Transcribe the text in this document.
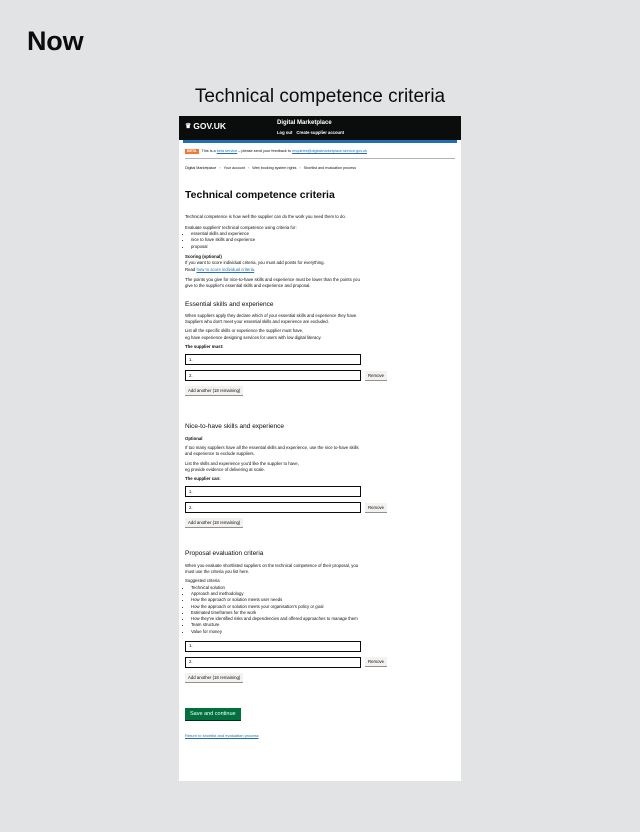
Now
Technical competence criteria
♛ GOV.UK	Digital Marketplace
Log out Create supplier account
BETA	This is a beta service – please send your feedback to enquiries@digitalmarketplace.service.gov.uk
Digital Marketplace › Your account › Web booking system rights › Shortlist and evaluation process
Technical competence criteria

Technical competence is how well the supplier can do the work you need them to do.

Evaluate suppliers' technical competence using criteria for:

• essential skills and experience
• nice to have skills and experience
• proposal

Scoring (optional)

If you want to score individual criteria, you must add points for everything.
Read how to score individual criteria.

The points you give for nice-to-have skills and experience must be lower than the points you give to the supplier's essential skills and experience and proposal.

Essential skills and experience

When suppliers apply they declare which of your essential skills and experience they have. Suppliers who don't meet your essential skills and experience are excluded.

List all the specific skills or experience the supplier must have,
eg have experience designing services for users with low digital literacy.

The supplier must:

1.
2.	Remove
Add another (18 remaining)
Nice-to-have skills and experience

Optional

If too many suppliers have all the essential skills and experience, use the nice to-have skills and experience to exclude suppliers.

List the skills and experience you'd like the supplier to have,
eg provide evidence of delivering at scale.

The supplier can:

1.
2.	Remove
Add another (18 remaining)
Proposal evaluation criteria

When you evaluate shortlisted suppliers on the technical competence of their proposal, you must use the criteria you list here.

Suggested criteria

• Technical solution
• Approach and methodology
• How the approach or solution meets user needs
• How the approach or solution meets your organisation's policy or goal
• Estimated timeframes for the work
• How they've identified risks and dependencies and offered approaches to manage them
• Team structure
• Value for money
1.
2.	Remove
Add another (18 remaining)
Save and continue
Return to shortlist and evaluation process
